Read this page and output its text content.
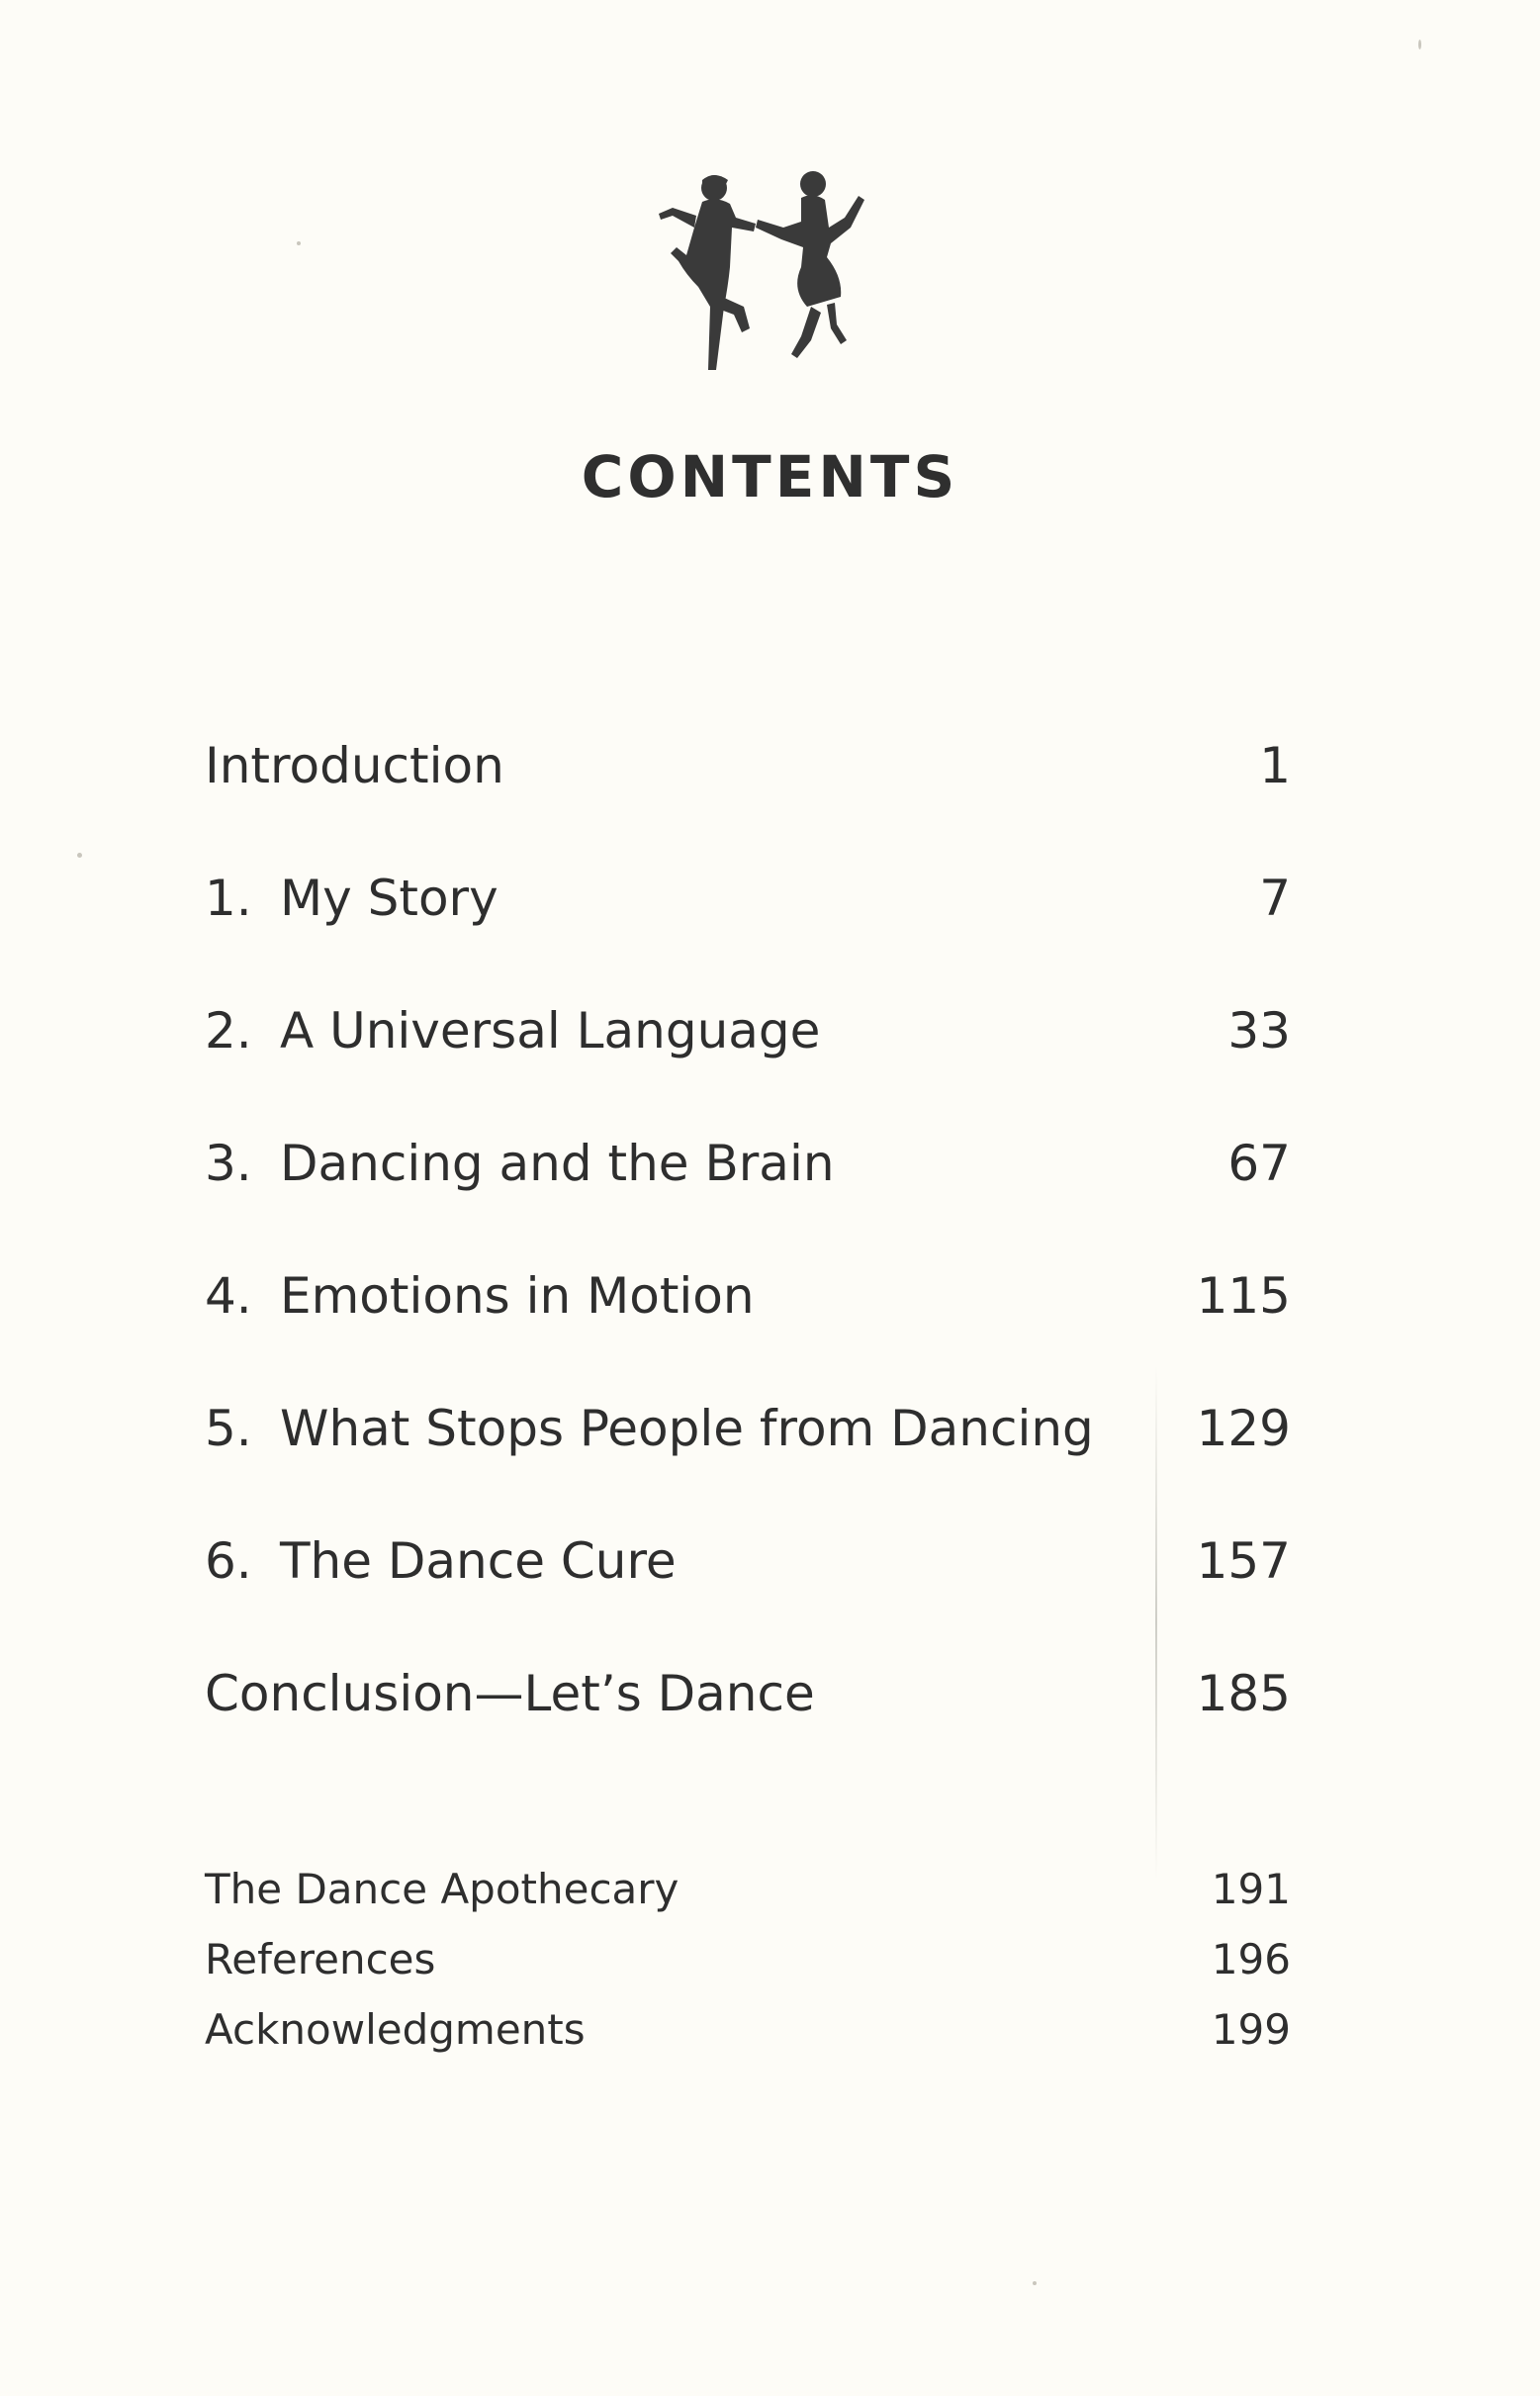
CONTENTS
Introduction	1
1. My Story	7
2. A Universal Language	33
3. Dancing and the Brain	67
4. Emotions in Motion	115
5. What Stops People from Dancing 129
6. The Dance Cure	157
Conclusion—Let’s Dance	185
The Dance Apothecary	191
References	196
Acknowledgments	199
